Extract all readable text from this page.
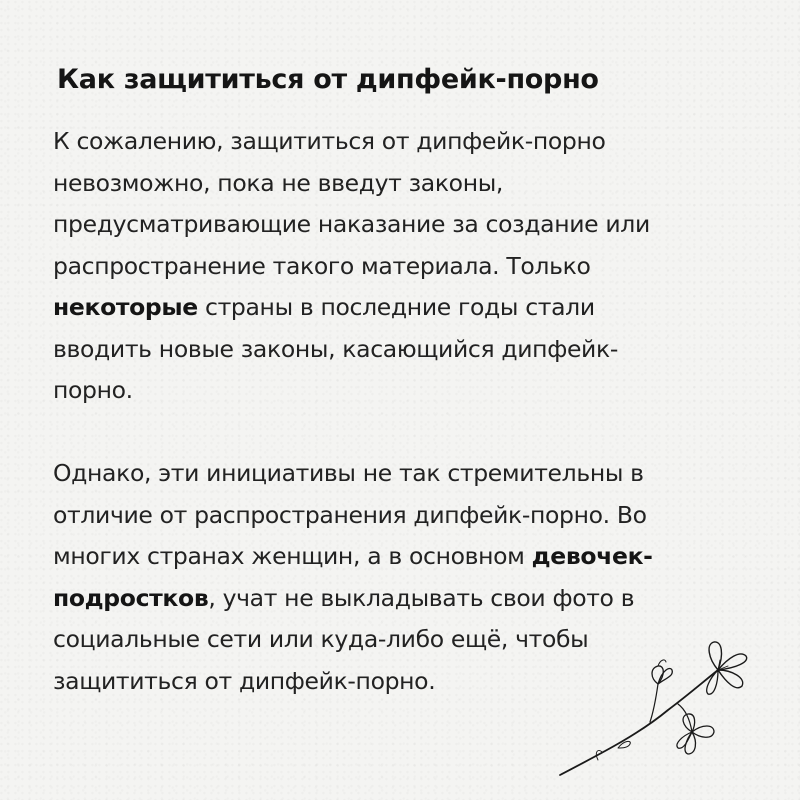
Как защититься от дипфейк-порно

К сожалению, защититься от дипфейк-порно
невозможно, пока не введут законы,
предусматривающие наказание за создание или
распространение такого материала. Только
некоторые страны в последние годы стали
вводить новые законы, касающийся дипфейк-
порно.

Однако, эти инициативы не так стремительны в
отличие от распространения дипфейк-порно. Во
многих странах женщин, а в основном девочек-
подростков, учат не выкладывать свои фото в
социальные сети или куда-либо ещё, чтобы
защититься от дипфейк-порно.
